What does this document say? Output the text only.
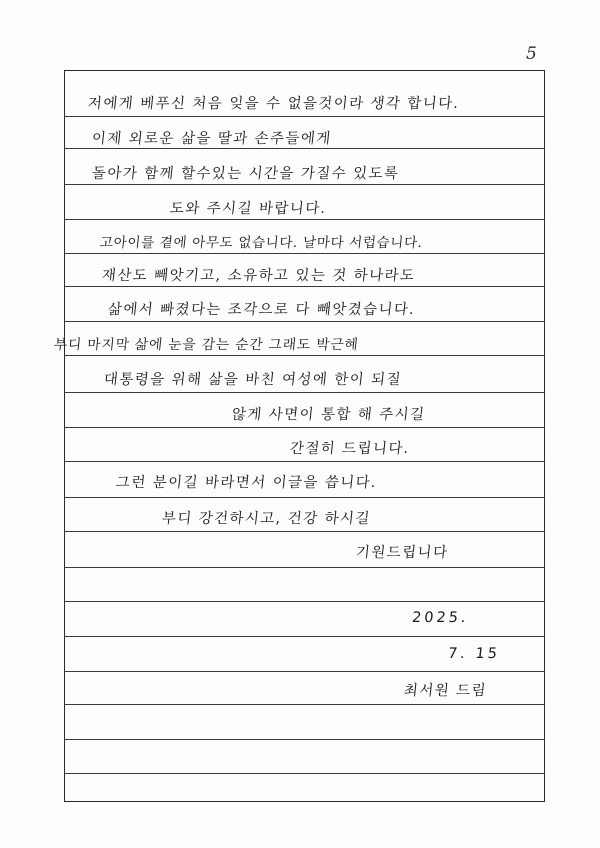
5
저에게 베푸신 처음 잊을 수 없을것이라 생각 합니다.
이제 외로운 삶을 딸과 손주들에게
돌아가 함께 할수있는 시간을 가질수 있도록
도와 주시길 바랍니다.
고아이를 곁에 아무도 없습니다. 날마다 서럽습니다.
재산도 빼앗기고, 소유하고 있는 것 하나라도
삶에서 빠졌다는 조각으로 다 빼앗겼습니다.
부디 마지막 삶에 눈을 감는 순간 그래도 박근혜
대통령을 위해 삶을 바친 여성에 한이 되질
않게 사면이 통합 해 주시길
간절히 드립니다.
그런 분이길 바라면서 이글을 씁니다.
부디 강건하시고, 건강 하시길
기원드립니다
2025.
7. 15
최서원 드림
